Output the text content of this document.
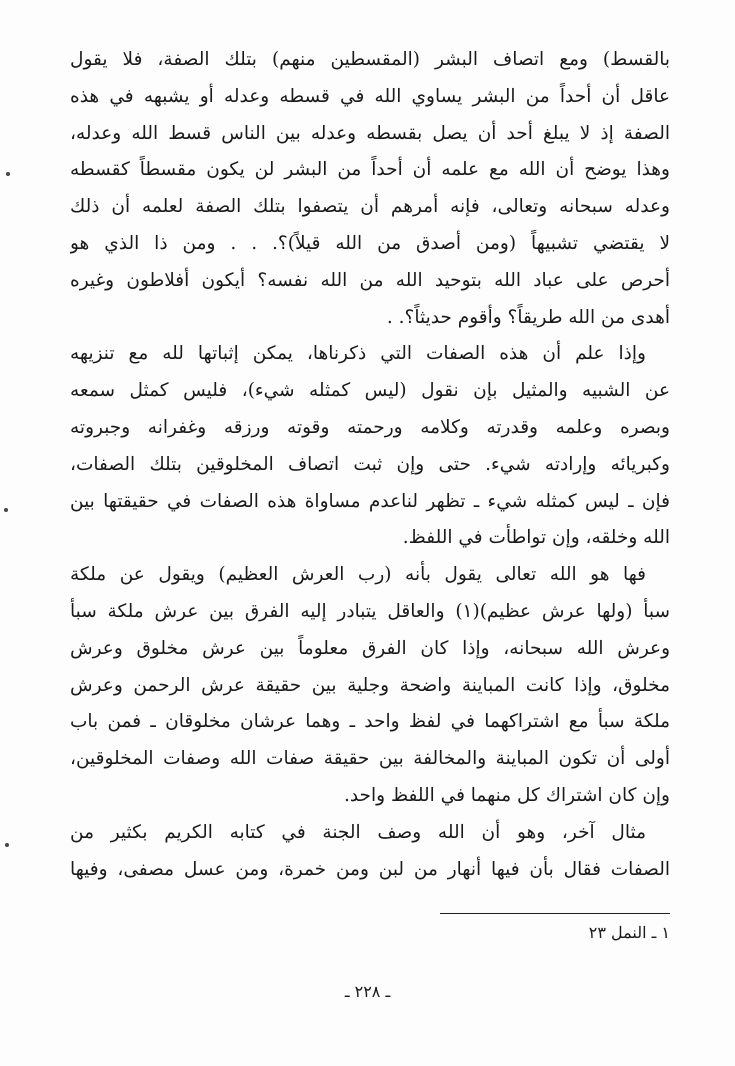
بالقسط) ومع اتصاف البشر (المقسطين منهم) بتلك الصفة، فلا يقول
عاقل أن أحداً من البشر يساوي الله في قسطه وعدله أو يشبهه في هذه
الصفة إذ لا يبلغ أحد أن يصل بقسطه وعدله بين الناس قسط الله وعدله،
وهذا يوضح أن الله مع علمه أن أحداً من البشر لن يكون مقسطاً كقسطه
وعدله سبحانه وتعالى، فإنه أمرهم أن يتصفوا بتلك الصفة لعلمه أن ذلك
لا يقتضي تشبيهاً (ومن أصدق من الله قيلاً)؟. . . ومن ذا الذي هو
أحرص على عباد الله بتوحيد الله من الله نفسه؟ أيكون أفلاطون وغيره
أهدى من الله طريقاً؟ وأقوم حديثاً؟. .
وإذا علم أن هذه الصفات التي ذكرناها، يمكن إثباتها لله مع تنزيهه
عن الشبيه والمثيل بإن نقول (ليس كمثله شيء)، فليس كمثل سمعه
وبصره وعلمه وقدرته وكلامه ورحمته وقوته ورزقه وغفرانه وجبروته
وكبريائه وإرادته شيء. حتى وإن ثبت اتصاف المخلوقين بتلك الصفات،
فإن ـ ليس كمثله شيء ـ تظهر لناعدم مساواة هذه الصفات في حقيقتها بين
الله وخلقه، وإن تواطأت في اللفظ.
فها هو الله تعالى يقول بأنه (رب العرش العظيم) ويقول عن ملكة
سبأ (ولها عرش عظيم)(١) والعاقل يتبادر إليه الفرق بين عرش ملكة سبأ
وعرش الله سبحانه، وإذا كان الفرق معلوماً بين عرش مخلوق وعرش
مخلوق، وإذا كانت المباينة واضحة وجلية بين حقيقة عرش الرحمن وعرش
ملكة سبأ مع اشتراكهما في لفظ واحد ـ وهما عرشان مخلوقان ـ فمن باب
أولى أن تكون المباينة والمخالفة بين حقيقة صفات الله وصفات المخلوقين،
وإن كان اشتراك كل منهما في اللفظ واحد.
مثال آخر، وهو أن الله وصف الجنة في كتابه الكريم بكثير من
الصفات فقال بأن فيها أنهار من لبن ومن خمرة، ومن عسل مصفى، وفيها
١ ـ النمل ٢٣
ـ ٢٢٨ ـ
